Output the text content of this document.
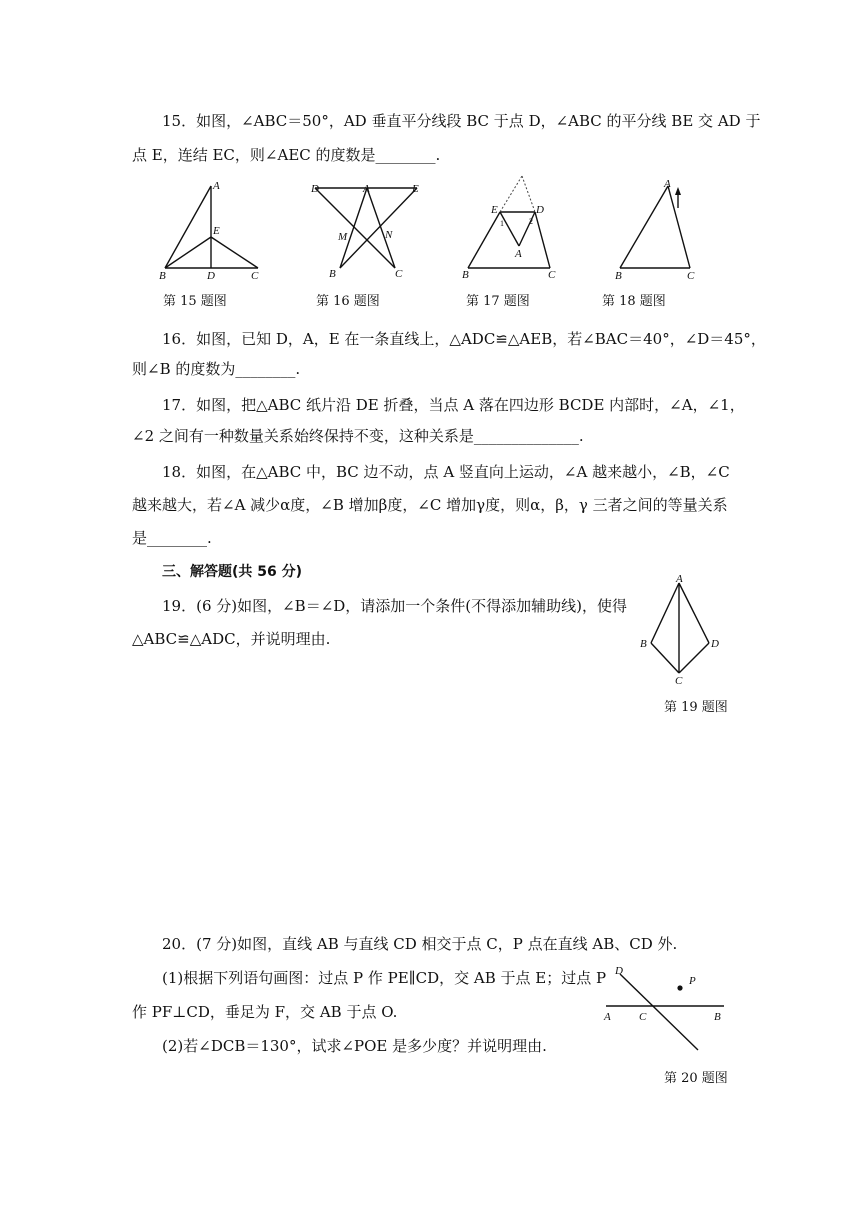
15．如图，∠ABC＝50°，AD 垂直平分线段 BC 于点 D，∠ABC 的平分线 BE 交 AD 于
点 E，连结 EC，则∠AEC 的度数是________.
A
E
B	D	C
D	A	E
M	N
B	C
E	D
1	2
A
B	C
A
B	C
第 15 题图	第 16 题图	第 17 题图	第 18 题图
16．如图，已知 D，A，E 在一条直线上，△ADC≌△AEB，若∠BAC＝40°，∠D＝45°，
则∠B 的度数为________.
17．如图，把△ABC 纸片沿 DE 折叠，当点 A 落在四边形 BCDE 内部时，∠A，∠1，
∠2 之间有一种数量关系始终保持不变，这种关系是______________.
18．如图，在△ABC 中，BC 边不动，点 A 竖直向上运动，∠A 越来越小，∠B，∠C
越来越大，若∠A 减少α度，∠B 增加β度，∠C 增加γ度，则α，β，γ 三者之间的等量关系
是________.
三、解答题(共 56 分)
19．(6 分)如图，∠B＝∠D，请添加一个条件(不得添加辅助线)，使得
△ABC≌△ADC，并说明理由.
A
B	D
C
第 19 题图
20．(7 分)如图，直线 AB 与直线 CD 相交于点 C，P 点在直线 AB、CD 外.
(1)根据下列语句画图：过点 P 作 PE∥CD，交 AB 于点 E；过点 P
作 PF⊥CD，垂足为 F，交 AB 于点 O.
(2)若∠DCB＝130°，试求∠POE 是多少度？并说明理由.
D
P
A	C	B
第 20 题图
